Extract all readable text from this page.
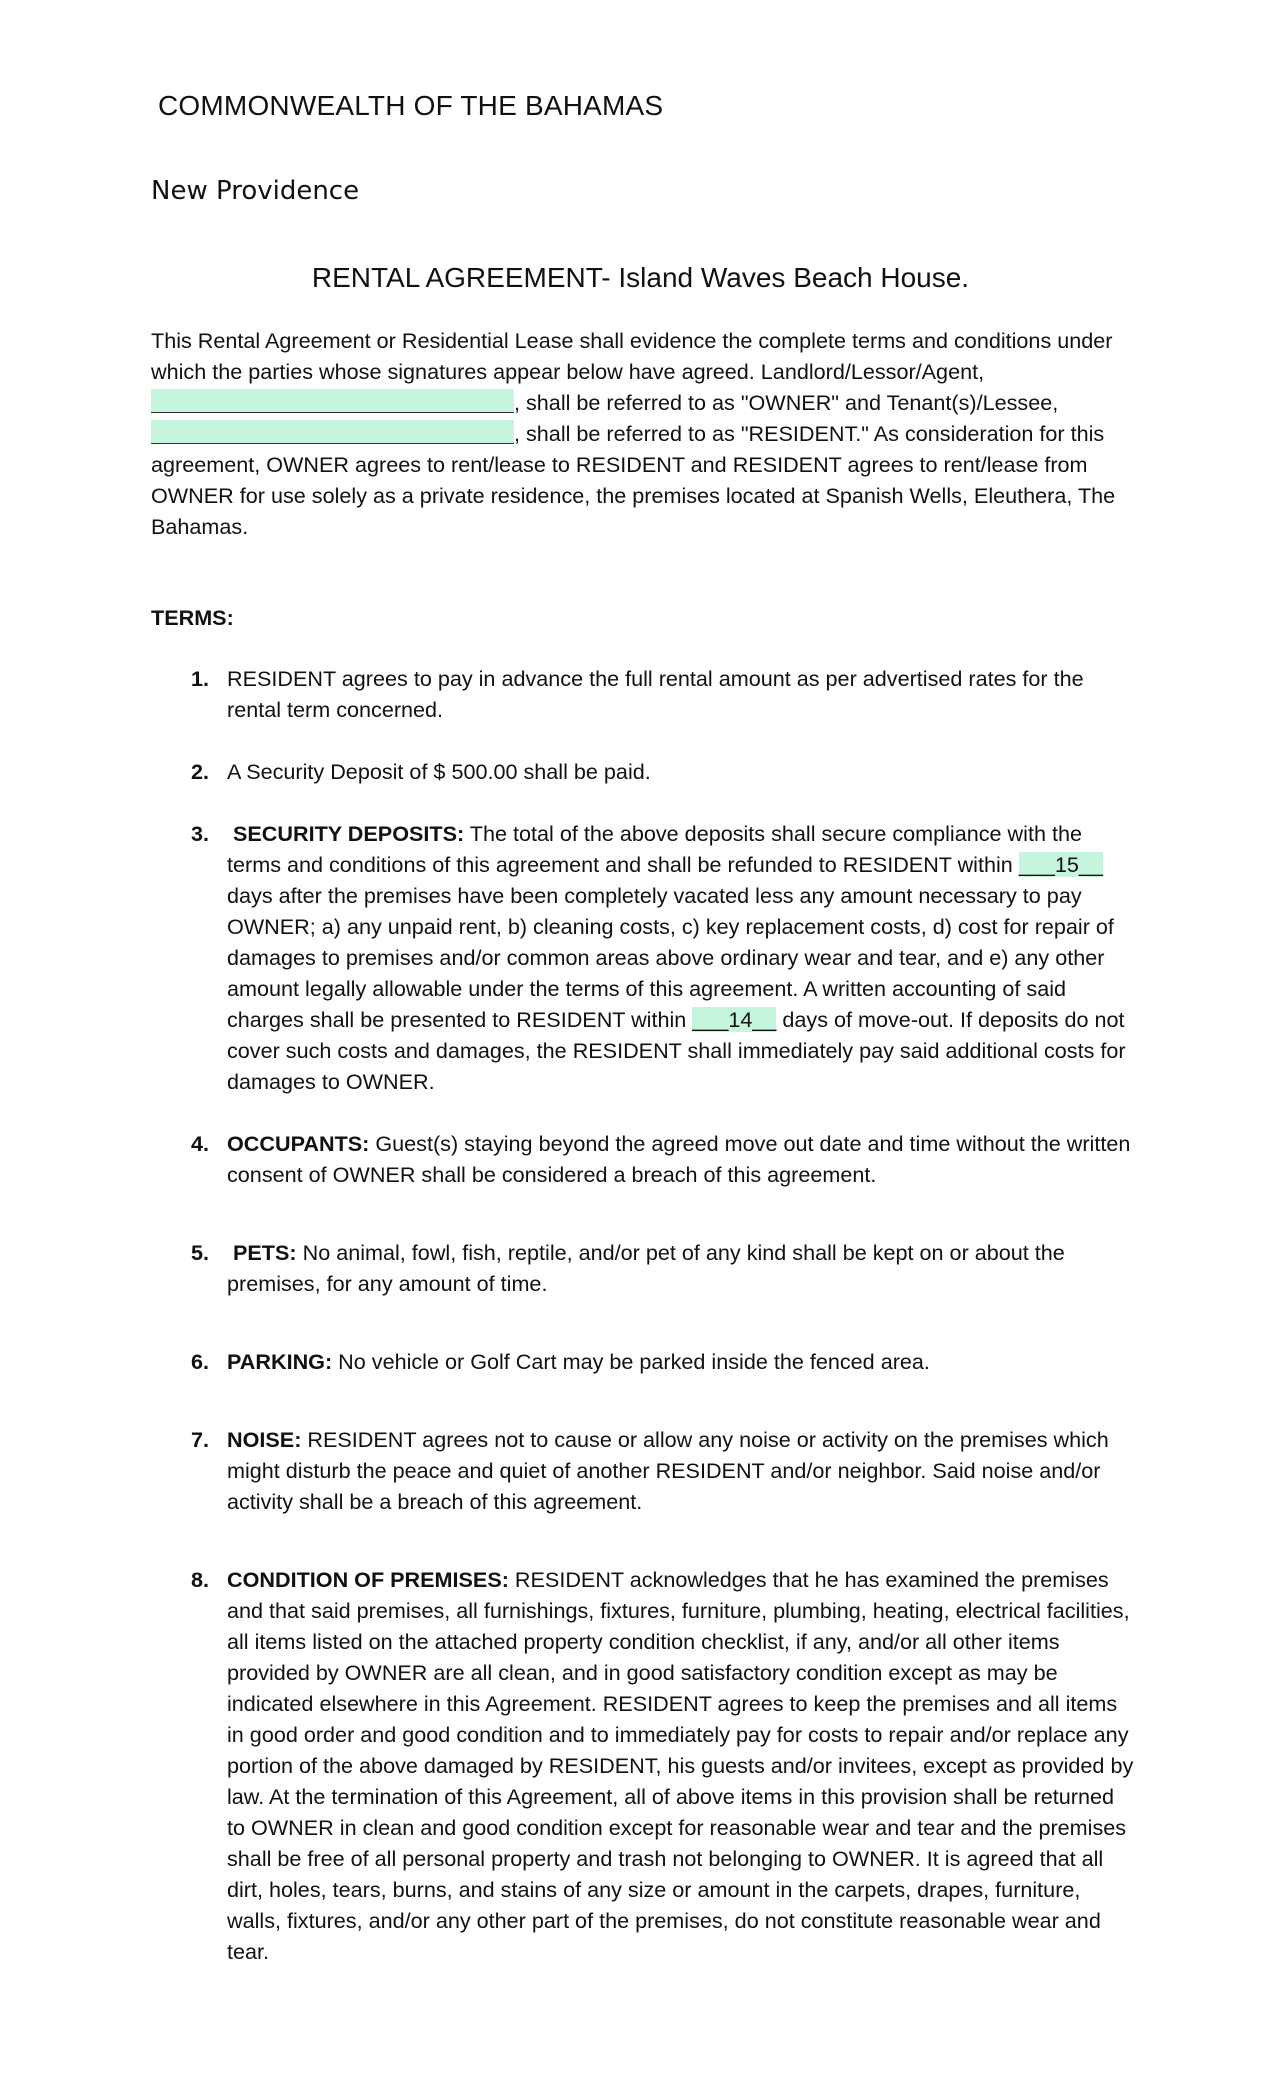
COMMONWEALTH OF THE BAHAMAS

New Providence

RENTAL AGREEMENT- Island Waves Beach House.

This Rental Agreement or Residential Lease shall evidence the complete terms and conditions under which the parties whose signatures appear below have agreed. Landlord/Lessor/Agent, , shall be referred to as "OWNER" and Tenant(s)/Lessee, , shall be referred to as "RESIDENT." As consideration for this agreement, OWNER agrees to rent/lease to RESIDENT and RESIDENT agrees to rent/lease from OWNER for use solely as a private residence, the premises located at Spanish Wells, Eleuthera, The Bahamas.

TERMS:

1. RESIDENT agrees to pay in advance the full rental amount as per advertised rates for the rental term concerned.
2. A Security Deposit of $ 500.00 shall be paid.
3.	SECURITY DEPOSITS: The total of the above deposits shall secure compliance with the terms and conditions of this agreement and shall be refunded to RESIDENT within ___15__ days after the premises have been completely vacated less any amount necessary to pay OWNER; a) any unpaid rent, b) cleaning costs, c) key replacement costs, d) cost for repair of damages to premises and/or common areas above ordinary wear and tear, and e) any other amount legally allowable under the terms of this agreement. A written accounting of said charges shall be presented to RESIDENT within ___14__ days of move-out. If deposits do not cover such costs and damages, the RESIDENT shall immediately pay said additional costs for damages to OWNER.
4. OCCUPANTS: Guest(s) staying beyond the agreed move out date and time without the written consent of OWNER shall be considered a breach of this agreement.
5.	PETS: No animal, fowl, fish, reptile, and/or pet of any kind shall be kept on or about the premises, for any amount of time.
6. PARKING: No vehicle or Golf Cart may be parked inside the fenced area.
7. NOISE: RESIDENT agrees not to cause or allow any noise or activity on the premises which might disturb the peace and quiet of another RESIDENT and/or neighbor. Said noise and/or activity shall be a breach of this agreement.
8. CONDITION OF PREMISES: RESIDENT acknowledges that he has examined the premises and that said premises, all furnishings, fixtures, furniture, plumbing, heating, electrical facilities, all items listed on the attached property condition checklist, if any, and/or all other items provided by OWNER are all clean, and in good satisfactory condition except as may be indicated elsewhere in this Agreement. RESIDENT agrees to keep the premises and all items in good order and good condition and to immediately pay for costs to repair and/or replace any portion of the above damaged by RESIDENT, his guests and/or invitees, except as provided by law. At the termination of this Agreement, all of above items in this provision shall be returned to OWNER in clean and good condition except for reasonable wear and tear and the premises shall be free of all personal property and trash not belonging to OWNER. It is agreed that all dirt, holes, tears, burns, and stains of any size or amount in the carpets, drapes, furniture, walls, fixtures, and/or any other part of the premises, do not constitute reasonable wear and tear.
